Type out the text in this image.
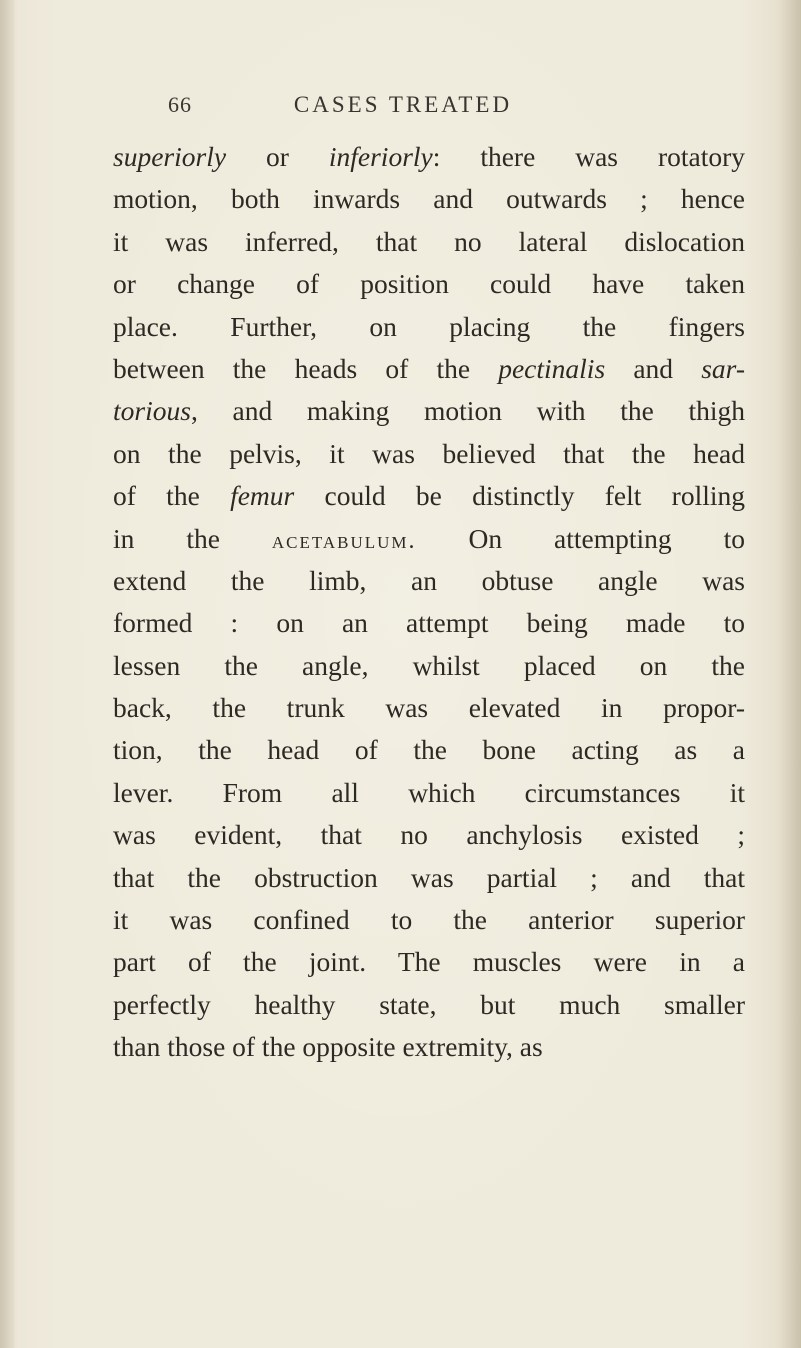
66	CASES TREATED
superiorly or inferiorly: there was rotatory
motion, both inwards and outwards ; hence
it was inferred, that no lateral dislocation
or change of position could have taken
place. Further, on placing the fingers
between the heads of the pectinalis and sar-
torious, and making motion with the thigh
on the pelvis, it was believed that the head
of the femur could be distinctly felt rolling
in the acetabulum. On attempting to
extend the limb, an obtuse angle was
formed : on an attempt being made to
lessen the angle, whilst placed on the
back, the trunk was elevated in propor-
tion, the head of the bone acting as a
lever. From all which circumstances it
was evident, that no anchylosis existed ;
that the obstruction was partial ; and that
it was confined to the anterior superior
part of the joint. The muscles were in a
perfectly healthy state, but much smaller
than those of the opposite extremity, as
